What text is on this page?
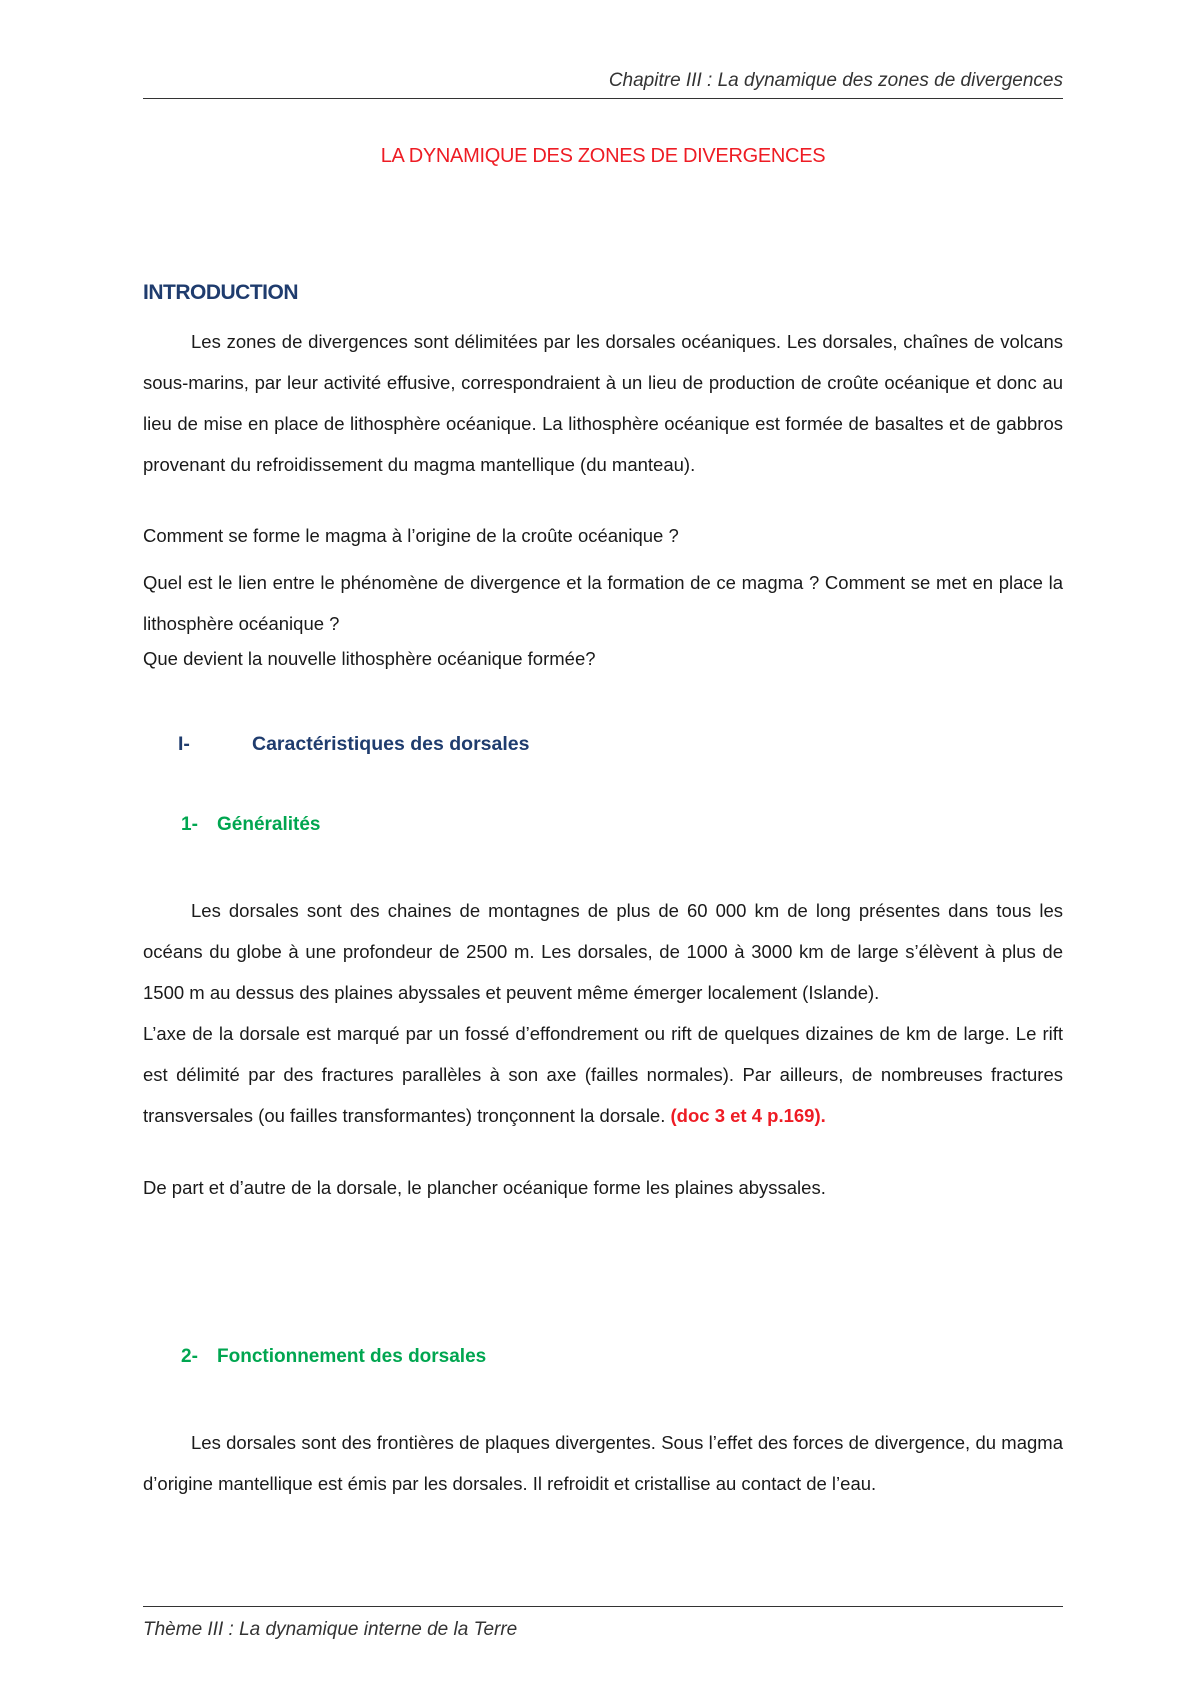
Chapitre III : La dynamique des zones de divergences
LA DYNAMIQUE DES ZONES DE DIVERGENCES
INTRODUCTION

Les zones de divergences sont délimitées par les dorsales océaniques. Les dorsales, chaînes de volcans sous-marins, par leur activité effusive, correspondraient à un lieu de production de croûte océanique et donc au lieu de mise en place de lithosphère océanique. La lithosphère océanique est formée de basaltes et de gabbros provenant du refroidissement du magma mantellique (du manteau).

Comment se forme le magma à l’origine de la croûte océanique ?

Quel est le lien entre le phénomène de divergence et la formation de ce magma ? Comment se met en place la lithosphère océanique ?

Que devient la nouvelle lithosphère océanique formée?

I-	Caractéristiques des dorsales
1- Généralités

Les dorsales sont des chaines de montagnes de plus de 60 000 km de long présentes dans tous les océans du globe à une profondeur de 2500 m. Les dorsales, de 1000 à 3000 km de large s’élèvent à plus de 1500 m au dessus des plaines abyssales et peuvent même émerger localement (Islande).

L’axe de la dorsale est marqué par un fossé d’effondrement ou rift de quelques dizaines de km de large. Le rift est délimité par des fractures parallèles à son axe (failles normales). Par ailleurs, de nombreuses fractures transversales (ou failles transformantes) tronçonnent la dorsale. (doc 3 et 4 p.169).

De part et d’autre de la dorsale, le plancher océanique forme les plaines abyssales.

2- Fonctionnement des dorsales

Les dorsales sont des frontières de plaques divergentes. Sous l’effet des forces de divergence, du magma d’origine mantellique est émis par les dorsales. Il refroidit et cristallise au contact de l’eau.

Thème III : La dynamique interne de la Terre
